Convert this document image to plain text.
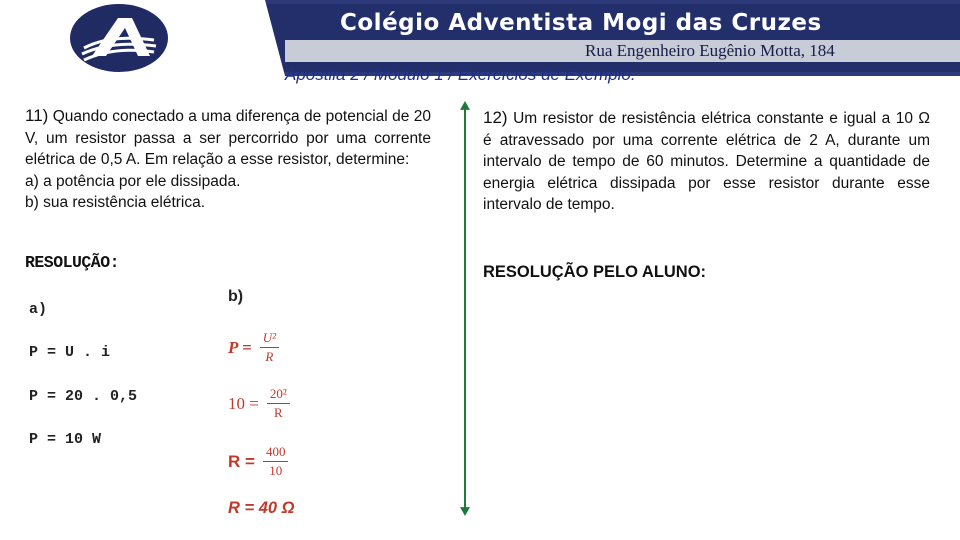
Colégio Adventista Mogi das Cruzes
Rua Engenheiro Eugênio Motta, 184
Apostila 2 / Módulo 1 / Exercícios de Exemplo.
11) Quando conectado a uma diferença de potencial de 20 V, um resistor passa a ser percorrido por uma corrente elétrica de 0,5 A. Em relação a esse resistor, determine:
a) a potência por ele dissipada.
b) sua resistência elétrica.
12) Um resistor de resistência elétrica constante e igual a 10 Ω é atravessado por uma corrente elétrica de 2 A, durante um intervalo de tempo de 60 minutos. Determine a quantidade de energia elétrica dissipada por esse resistor durante esse intervalo de tempo.
RESOLUÇÃO:	RESOLUÇÃO PELO ALUNO:
a)
P = U . i
P = 20 . 0,5
P = 10 W
b)
$P = \frac{\text{U²}}{R}$
$10 = \frac{\text{20²}}{R}$
$R = \frac{400}{10}$
R = 40 Ω
